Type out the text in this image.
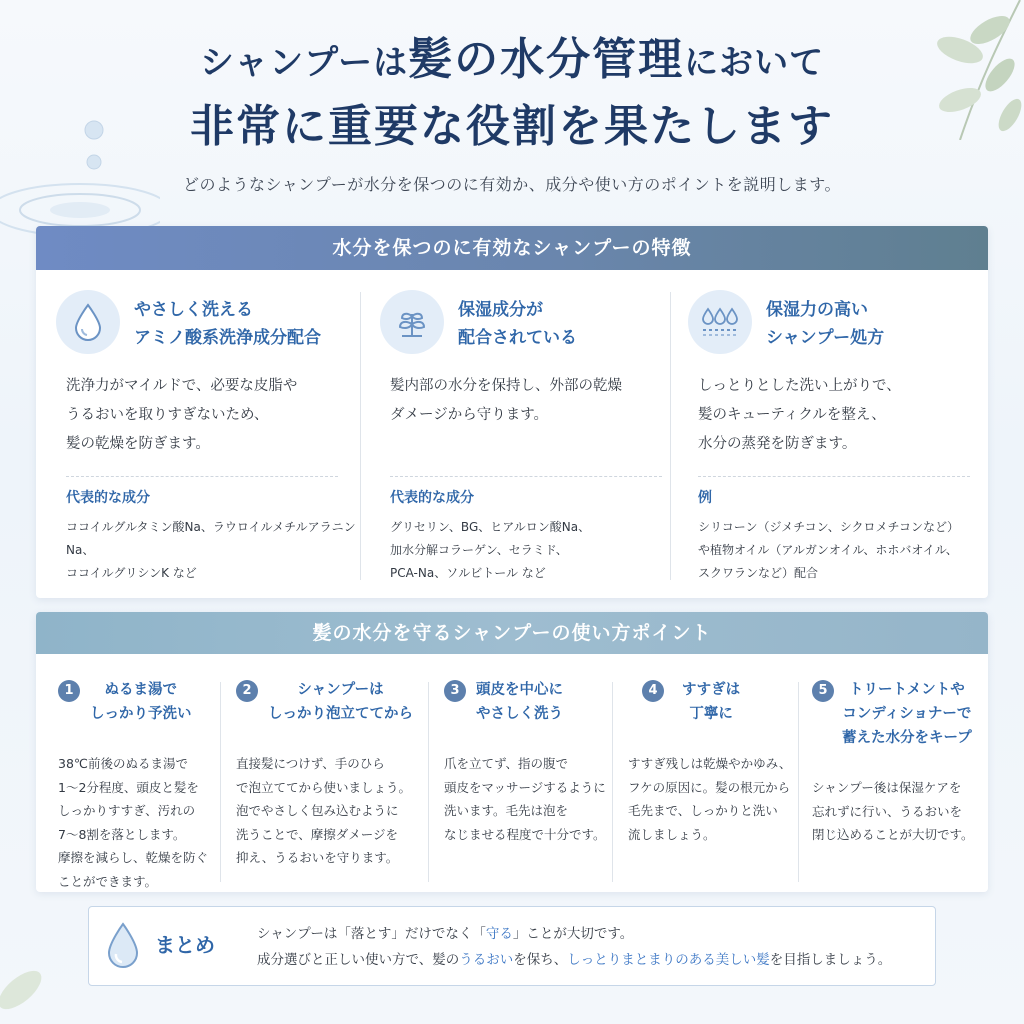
シャンプーは髪の水分管理において
非常に重要な役割を果たします

どのようなシャンプーが水分を保つのに有効か、成分や使い方のポイントを説明します。

水分を保つのに有効なシャンプーの特徴
やさしく洗える
アミノ酸系洗浄成分配合
洗浄力がマイルドで、必要な皮脂や
うるおいを取りすぎないため、
髪の乾燥を防ぎます。
代表的な成分
ココイルグルタミン酸Na、ラウロイルメチルアラニンNa、
ココイルグリシンK など
保湿成分が
配合されている
髪内部の水分を保持し、外部の乾燥
ダメージから守ります。
代表的な成分
グリセリン、BG、ヒアルロン酸Na、
加水分解コラーゲン、セラミド、
PCA-Na、ソルビトール など
保湿力の高い
シャンプー処方
しっとりとした洗い上がりで、
髪のキューティクルを整え、
水分の蒸発を防ぎます。
例
シリコーン（ジメチコン、シクロメチコンなど）
や植物オイル（アルガンオイル、ホホバオイル、
スクワランなど）配合
髪の水分を守るシャンプーの使い方ポイント
1	ぬるま湯で
しっかり予洗い
38℃前後のぬるま湯で
1〜2分程度、頭皮と髪を
しっかりすすぎ、汚れの
7〜8割を落とします。
摩擦を減らし、乾燥を防ぐ
ことができます。
2	シャンプーは
しっかり泡立ててから
直接髪につけず、手のひら
で泡立ててから使いましょう。
泡でやさしく包み込むように
洗うことで、摩擦ダメージを
抑え、うるおいを守ります。
3	頭皮を中心に
やさしく洗う
爪を立てず、指の腹で
頭皮をマッサージするように
洗います。毛先は泡を
なじませる程度で十分です。
4	すすぎは
丁寧に
すすぎ残しは乾燥やかゆみ、
フケの原因に。髪の根元から
毛先まで、しっかりと洗い
流しましょう。
5	トリートメントや
コンディショナーで
蓄えた水分をキープ
シャンプー後は保湿ケアを
忘れずに行い、うるおいを
閉じ込めることが大切です。
まとめ	シャンプーは「落とす」だけでなく「守る」ことが大切です。
成分選びと正しい使い方で、髪のうるおいを保ち、しっとりまとまりのある美しい髪を目指しましょう。
